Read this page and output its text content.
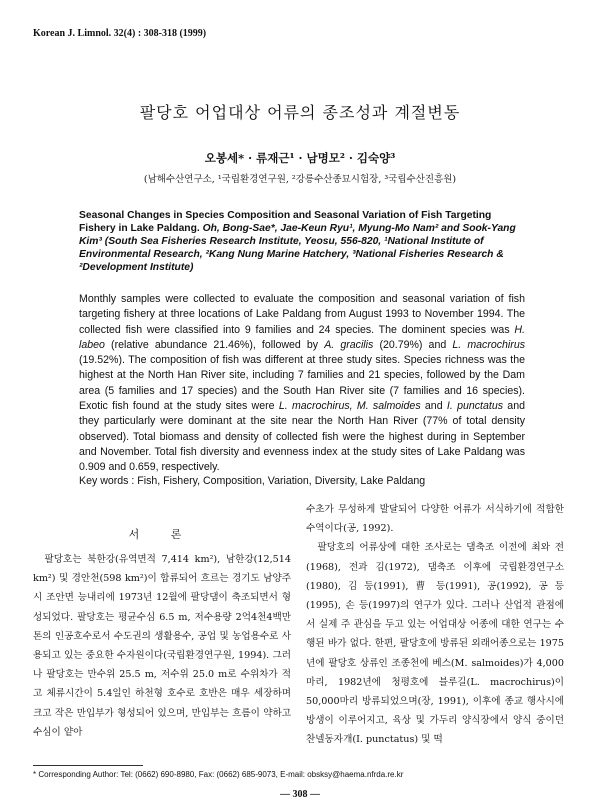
Korean J. Limnol. 32(4) : 308-318 (1999)
팔당호 어업대상 어류의 종조성과 계절변동
오봉세* · 류재근¹ · 남명모² · 김숙양³
(남해수산연구소, ¹국립환경연구원, ²강릉수산종묘시험장, ³국립수산진흥원)
Seasonal Changes in Species Composition and Seasonal Variation of Fish Targeting Fishery in Lake Paldang. Oh, Bong-Sae*, Jae-Keun Ryu¹, Myung-Mo Nam² and Sook-Yang Kim³ (South Sea Fisheries Research Institute, Yeosu, 556-820, ¹National Institute of Environmental Research, ²Kang Nung Marine Hatchery, ³National Fisheries Research & ²Development Institute)

Monthly samples were collected to evaluate the composition and seasonal variation of fish targeting fishery at three locations of Lake Paldang from August 1993 to November 1994. The collected fish were classified into 9 families and 24 species. The dominent species was H. labeo (relative abundance 21.46%), followed by A. gracilis (20.79%) and L. macrochirus (19.52%). The composition of fish was different at three study sites. Species richness was the highest at the North Han River site, including 7 families and 21 species, followed by the Dam area (5 families and 17 species) and the South Han River site (7 families and 16 species). Exotic fish found at the study sites were L. macrochirus, M. salmoides and I. punctatus and they particularly were dominant at the site near the North Han River (77% of total density observed). Total biomass and density of collected fish were the highest during in September and November. Total fish diversity and evenness index at the study sites of Lake Paldang was 0.909 and 0.659, respectively.

Key words : Fish, Fishery, Composition, Variation, Diversity, Lake Paldang
서 론

팔당호는 북한강(유역면적 7,414 km²), 남한강(12,514 km²) 및 경안천(598 km²)이 합류되어 흐르는 경기도 남양주시 조안면 능내리에 1973년 12월에 팔당댐이 축조되면서 형성되었다. 팔당호는 평균수심 6.5 m, 저수용량 2억4천4백만톤의 인공호수로서 수도권의 생활용수, 공업 및 농업용수로 사용되고 있는 중요한 수자원이다(국립환경연구원, 1994). 그러나 팔당호는 만수위 25.5 m, 저수위 25.0 m로 수위차가 적고 체류시간이 5.4일인 하천형 호수로 호반은 매우 세장하며 크고 작은 만입부가 형성되어 있으며, 만입부는 흐름이 약하고 수심이 얕아

수초가 무성하게 발달되어 다양한 어류가 서식하기에 적합한 수역이다(공, 1992).

팔당호의 어류상에 대한 조사로는 댐축조 이전에 최와 전(1968), 전과 김(1972), 댐축조 이후에 국립환경연구소(1980), 김 등(1991), 曹 등(1991), 공(1992), 공 등(1995), 손 등(1997)의 연구가 있다. 그러나 산업적 관점에서 실제 주 관심을 두고 있는 어업대상 어종에 대한 연구는 수행된 바가 없다. 한편, 팔당호에 방류된 외래어종으로는 1975년에 팔당호 상류인 조종천에 베스(M. salmoides)가 4,000마리, 1982년에 청평호에 블루길(L. macrochirus)이 50,000마리 방류되었으며(장, 1991), 이후에 종교 행사시에 방생이 이루어지고, 육상 및 가두리 양식장에서 양식 중이던 찬넬동자개(I. punctatus) 및 떡

* Corresponding Author: Tel: (0662) 690-8980, Fax: (0662) 685-9073, E-mail: obsksy@haema.nfrda.re.kr
— 308 —
